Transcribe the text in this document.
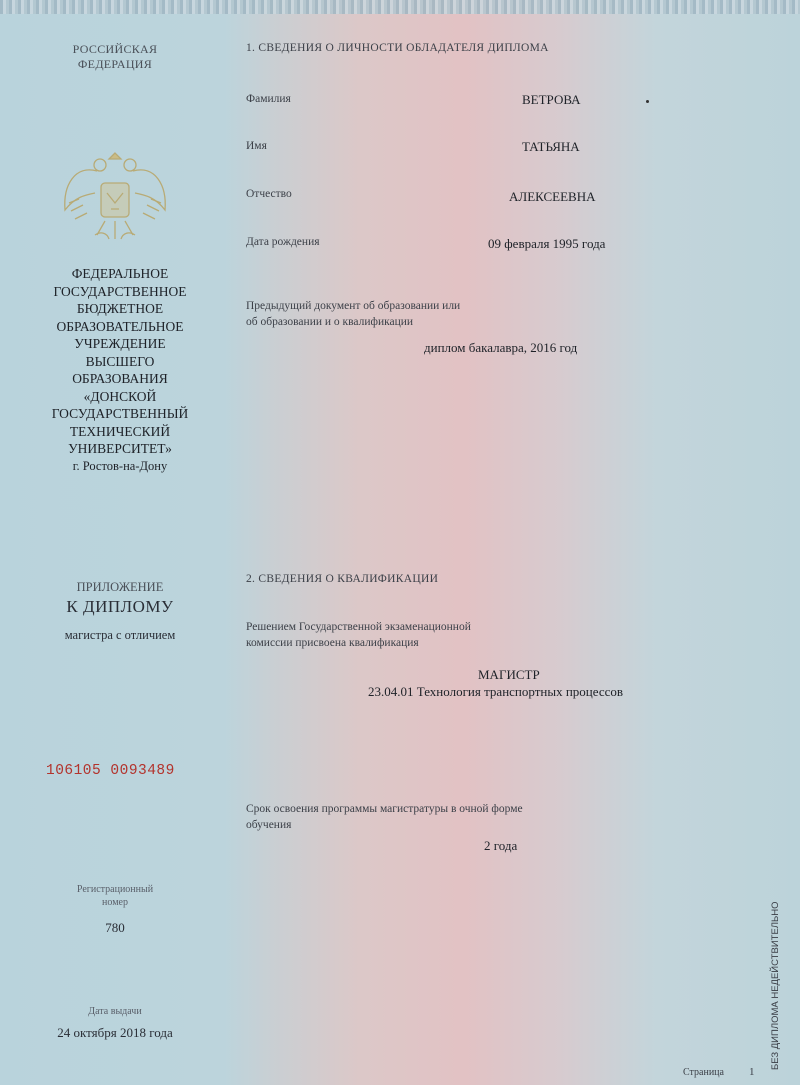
РОССИЙСКАЯ
ФЕДЕРАЦИЯ
ФЕДЕРАЛЬНОЕ
ГОСУДАРСТВЕННОЕ
БЮДЖЕТНОЕ
ОБРАЗОВАТЕЛЬНОЕ
УЧРЕЖДЕНИЕ
ВЫСШЕГО
ОБРАЗОВАНИЯ
«ДОНСКОЙ
ГОСУДАРСТВЕННЫЙ
ТЕХНИЧЕСКИЙ
УНИВЕРСИТЕТ»
г. Ростов-на-Дону
ПРИЛОЖЕНИЕ
К ДИПЛОМУ
магистра с отличием
106105 0093489
Регистрационный
номер
780
Дата выдачи
24 октября 2018 года
1. СВЕДЕНИЯ О ЛИЧНОСТИ ОБЛАДАТЕЛЯ ДИПЛОМА
Фамилия	ВЕТРОВА
Имя	ТАТЬЯНА
Отчество	АЛЕКСЕЕВНА
Дата рождения	09 февраля 1995 года
Предыдущий документ об образовании или
об образовании и о квалификации
диплом бакалавра, 2016 год
2. СВЕДЕНИЯ О КВАЛИФИКАЦИИ
Решением Государственной экзаменационной
комиссии присвоена квалификация
МАГИСТР
23.04.01 Технология транспортных процессов
Срок освоения программы магистратуры в очной форме
обучения
2 года
БЕЗ ДИПЛОМА НЕДЕЙСТВИТЕЛЬНО
Страница 1
